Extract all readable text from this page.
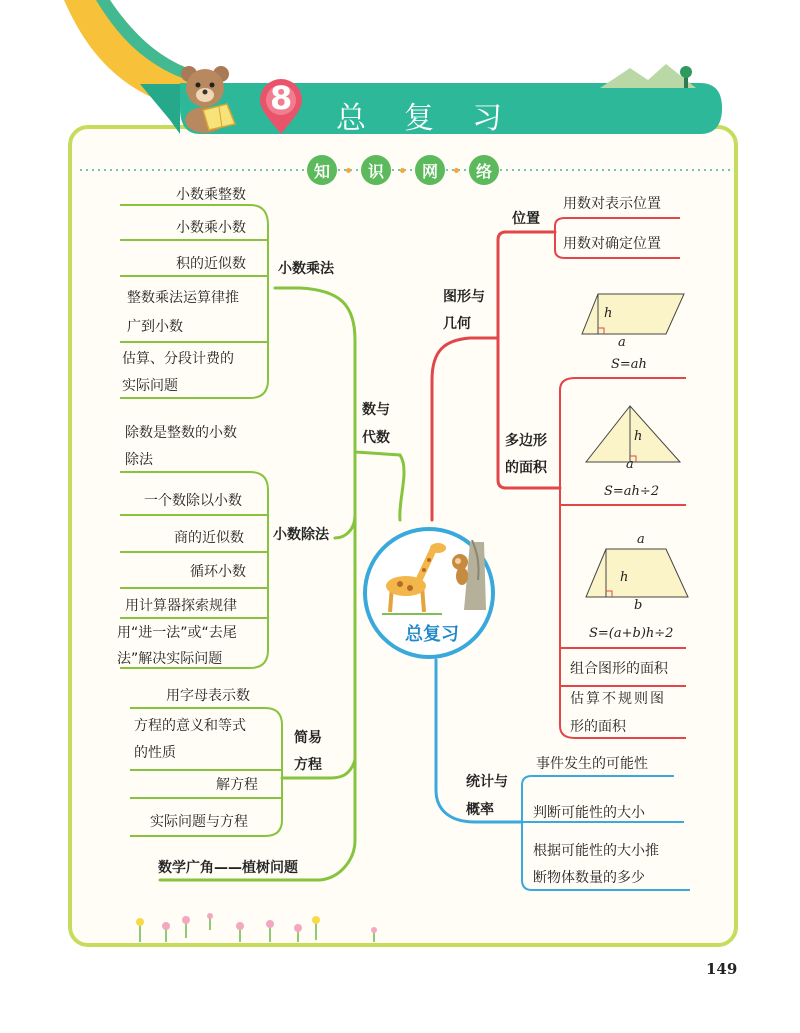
8
总 复 习
知	识	网	络
总复习
数与
代数
小数乘法
小数乘整数
小数乘小数
积的近似数
整数乘法运算律推
广到小数
估算、分段计费的
实际问题
小数除法
除数是整数的小数
除法
一个数除以小数
商的近似数
循环小数
用计算器探索规律
用“进一法”或“去尾
法”解决实际问题
简易
方程
用字母表示数
方程的意义和等式
的性质
解方程
实际问题与方程
数学广角——植树问题
图形与
几何
位置
用数对表示位置
用数对确定位置
多边形
的面积
h
a
S=ah
h
a
S=ah÷2
a
h
b
S=(a+b)h÷2
组合图形的面积
估算不规则图
形的面积
统计与
概率
事件发生的可能性
判断可能性的大小
根据可能性的大小推
断物体数量的多少
149
